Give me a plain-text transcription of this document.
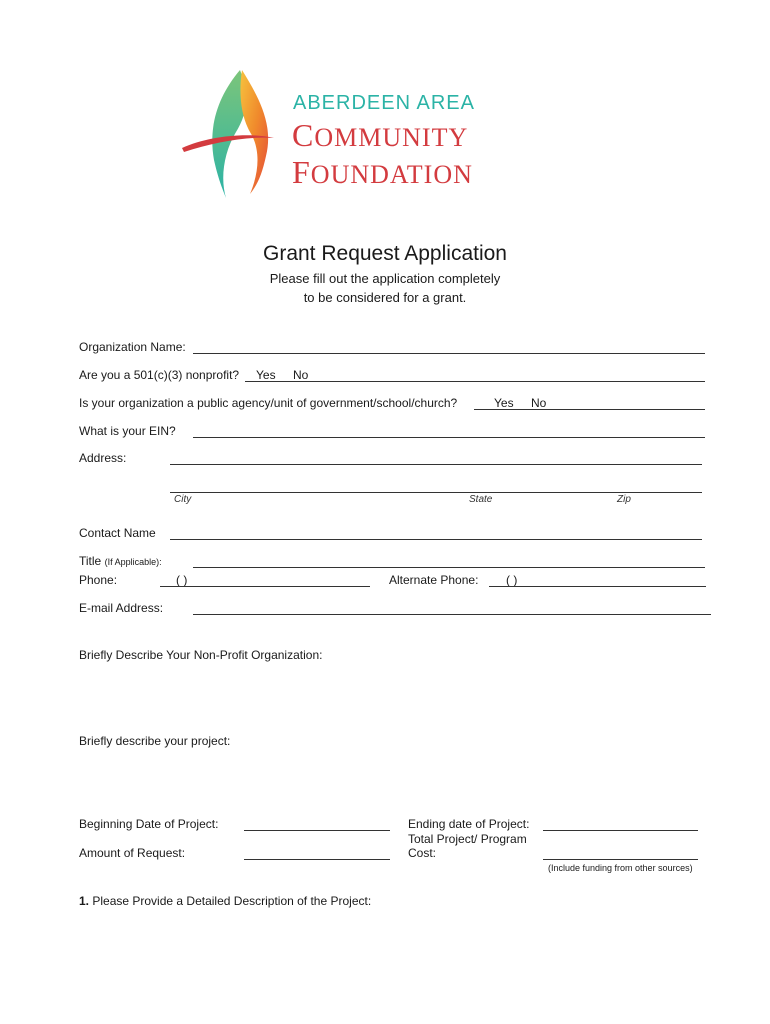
ABERDEEN AREA
COMMUNITY
FOUNDATION
Grant Request Application
Please fill out the application completely
to be considered for a grant.
Organization Name:
Are you a 501(c)(3) nonprofit? Yes No
Is your organization a public agency/unit of government/school/church?	Yes No
What is your EIN?
Address:
City	State	Zip
Contact Name
Title (If Applicable):
Phone:	( )	Alternate Phone: ( )
E-mail Address:
Briefly Describe Your Non-Profit Organization:
Briefly describe your project:
Beginning Date of Project:	Ending date of Project:
Amount of Request:
Total Project/ Program
Cost:
(Include funding from other sources)
1. Please Provide a Detailed Description of the Project:
